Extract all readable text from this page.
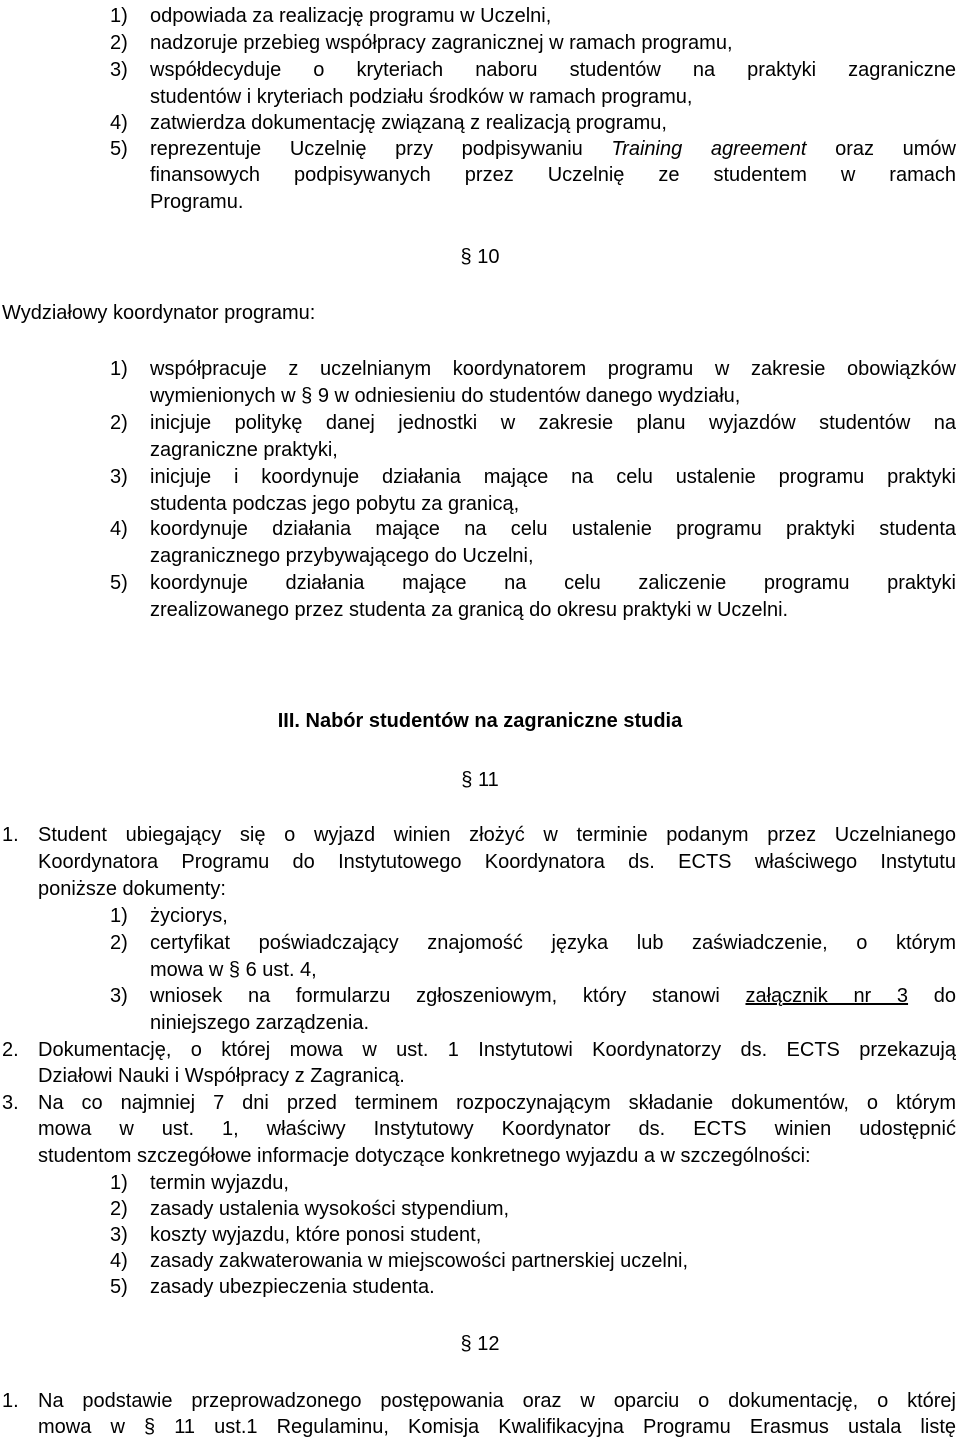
1) odpowiada za realizację programu w Uczelni,
2) nadzoruje przebieg współpracy zagranicznej w ramach programu,
3) współdecyduje o kryteriach naboru studentów na praktyki zagraniczne
studentów i kryteriach podziału środków w ramach programu,
4) zatwierdza dokumentację związaną z realizacją programu,
5) reprezentuje Uczelnię przy podpisywaniu Training agreement oraz umów
finansowych podpisywanych przez Uczelnię ze studentem w ramach
Programu.
§ 10
Wydziałowy koordynator programu:
1) współpracuje z uczelnianym koordynatorem programu w zakresie obowiązków
wymienionych w § 9 w odniesieniu do studentów danego wydziału,
2) inicjuje politykę danej jednostki w zakresie planu wyjazdów studentów na
zagraniczne praktyki,
3) inicjuje i koordynuje działania mające na celu ustalenie programu praktyki
studenta podczas jego pobytu za granicą,
4) koordynuje działania mające na celu ustalenie programu praktyki studenta
zagranicznego przybywającego do Uczelni,
5) koordynuje działania mające na celu zaliczenie programu praktyki
zrealizowanego przez studenta za granicą do okresu praktyki w Uczelni.
III. Nabór studentów na zagraniczne studia
§ 11
1. Student ubiegający się o wyjazd winien złożyć w terminie podanym przez Uczelnianego
Koordynatora Programu do Instytutowego Koordynatora ds. ECTS właściwego Instytutu
poniższe dokumenty:
1) życiorys,
2) certyfikat poświadczający znajomość języka lub zaświadczenie, o którym
mowa w § 6 ust. 4,
3) wniosek na formularzu zgłoszeniowym, który stanowi załącznik nr 3 do
niniejszego zarządzenia.
2. Dokumentację, o której mowa w ust. 1 Instytutowi Koordynatorzy ds. ECTS przekazują
Działowi Nauki i Współpracy z Zagranicą.
3. Na co najmniej 7 dni przed terminem rozpoczynającym składanie dokumentów, o którym
mowa w ust. 1, właściwy Instytutowy Koordynator ds. ECTS winien udostępnić
studentom szczegółowe informacje dotyczące konkretnego wyjazdu a w szczególności:
1) termin wyjazdu,
2) zasady ustalenia wysokości stypendium,
3) koszty wyjazdu, które ponosi student,
4) zasady zakwaterowania w miejscowości partnerskiej uczelni,
5) zasady ubezpieczenia studenta.
§ 12
1. Na podstawie przeprowadzonego postępowania oraz w oparciu o dokumentację, o której
mowa w § 11 ust.1 Regulaminu, Komisja Kwalifikacyjna Programu Erasmus ustala listę
